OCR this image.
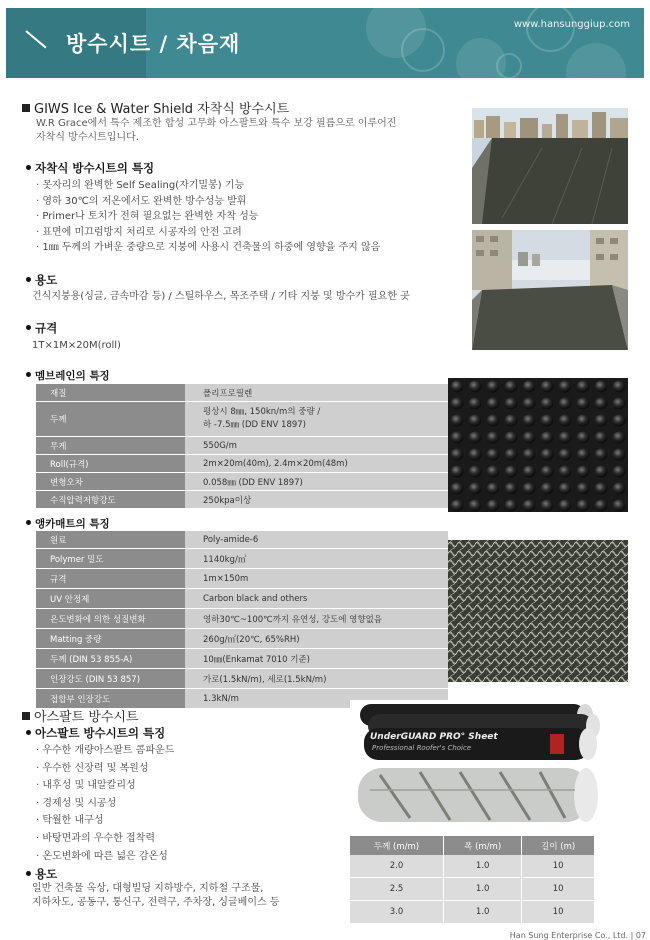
방수시트 / 차음재
www.hansunggiup.com
GIWS Ice & Water Shield 자착식 방수시트
W.R Grace에서 특수 제조한 합성 고무화 아스팔트와 특수 보강 필름으로 이루어진
자착식 방수시트입니다.
자착식 방수시트의 특징
· 못자리의 완벽한 Self Sealing(자기밀봉) 기능
· 영하 30℃의 저온에서도 완벽한 방수성능 발휘
· Primer나 토치가 전혀 필요없는 완벽한 자착 성능
· 표면에 미끄럼방지 처리로 시공자의 안전 고려
· 1㎜ 두께의 가벼운 중량으로 지붕에 사용시 건축물의 하중에 영향을 주지 않음
용도
건식지붕용(싱글, 금속마감 등) / 스틸하우스, 목조주택 / 기타 지붕 및 방수가 필요한 곳
규격
1T×1M×20M(roll)
멤브레인의 특징
재질	폴리프로필렌
두께	평상시 8㎜, 150kn/m의 중량 /
하 -7.5㎜ (DD ENV 1897)

무게	550G/m
Roll(규격)	2m×20m(40m), 2.4m×20m(48m)
변형오차	0.058㎜ (DD ENV 1897)
수직압력저항강도	250kpa이상
앵카매트의 특징
원료	Poly-amide-6
Polymer 밀도	1140kg/㎥
규격	1m×150m
UV 안정제	Carbon black and others
온도변화에 의한 성질변화	영하30℃~100℃까지 유연성, 강도에 영향없음
Matting 중량	260g/㎡(20℃, 65%RH)
두께 (DIN 53 855-A)	10㎜(Enkamat 7010 기준)
인장강도 (DIN 53 857)	가로(1.5kN/m), 세로(1.5kN/m)
접합부 인장강도	1.3kN/m
아스팔트 방수시트
아스팔트 방수시트의 특징
· 우수한 개량아스팔트 콤파운드
· 우수한 신장력 및 복원성
· 내후성 및 내알칼리성
· 경제성 및 시공성
· 탁월한 내구성
· 바탕면과의 우수한 접착력
· 온도변화에 따른 넓은 감온성
용도
일반 건축물 옥상, 대형빌딩 지하방수, 지하철 구조물,
지하차도, 공동구, 통신구, 전력구, 주차장, 싱글베이스 등
UnderGUARD PRO° Sheet
Professional Roofer's Choice
두께 (m/m)	폭 (m/m)	길이 (m)
2.0	1.0	10
2.5	1.0	10
3.0	1.0	10
Han Sung Enterprise Co., Ltd. | 07
